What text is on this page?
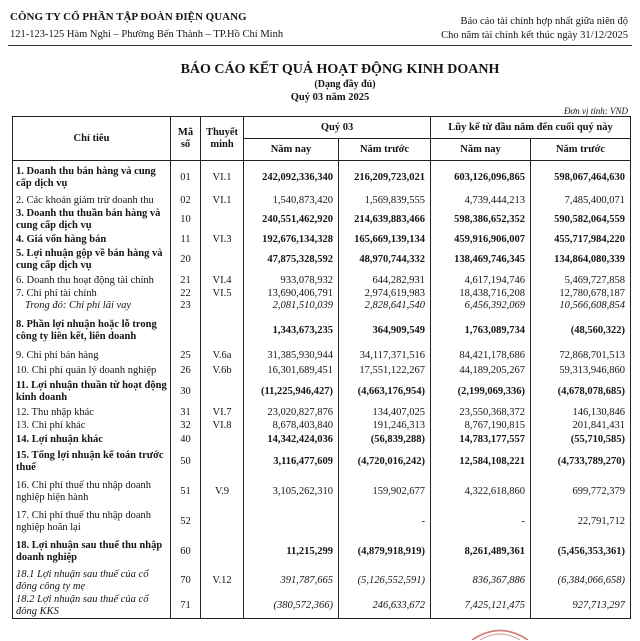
CÔNG TY CỔ PHẦN TẬP ĐOÀN ĐIỆN QUANG
121-123-125 Hàm Nghi – Phường Bến Thành – TP.Hồ Chí Minh
Báo cáo tài chính hợp nhất giữa niên độ
Cho năm tài chính kết thúc ngày 31/12/2025
BÁO CÁO KẾT QUẢ HOẠT ĐỘNG KINH DOANH
(Dạng đầy đủ)
Quý 03 năm 2025
Đơn vị tính: VND
Chỉ tiêu	Mã số	Thuyết minh	Quý 03		Lũy kế từ đầu năm đến cuối quý này	
			Năm nay	Năm trước	Năm nay	Năm trước
1. Doanh thu bán hàng và cung cấp dịch vụ	01	VI.1	242,092,336,340	216,209,723,021	603,126,096,865	598,067,464,630
2. Các khoản giảm trừ doanh thu	02	VI.1	1,540,873,420	1,569,839,555	4,739,444,213	7,485,400,071
3. Doanh thu thuần bán hàng và cung cấp dịch vụ	10		240,551,462,920	214,639,883,466	598,386,652,352	590,582,064,559
4. Giá vốn hàng bán	11	VI.3	192,676,134,328	165,669,139,134	459,916,906,007	455,717,984,220
5. Lợi nhuận gộp về bán hàng và cung cấp dịch vụ	20		47,875,328,592	48,970,744,332	138,469,746,345	134,864,080,339
6. Doanh thu hoạt động tài chính	21	VI.4	933,078,932	644,282,931	4,617,194,746	5,469,727,858
7. Chi phí tài chính	22	VI.5	13,690,406,791	2,974,619,983	18,438,716,208	12,780,678,187
Trong đó: Chi phí lãi vay	23		2,081,510,039	2,828,641,540	6,456,392,069	10,566,608,854
8. Phần lợi nhuận hoặc lỗ trong công ty liên kết, liên doanh			1,343,673,235	364,909,549	1,763,089,734	(48,560,322)
9. Chi phí bán hàng	25	V.6a	31,385,930,944	34,117,371,516	84,421,178,686	72,868,701,513
10. Chi phí quản lý doanh nghiệp	26	V.6b	16,301,689,451	17,551,122,267	44,189,205,267	59,313,946,860
11. Lợi nhuận thuần từ hoạt động kinh doanh	30		(11,225,946,427)	(4,663,176,954)	(2,199,069,336)	(4,678,078,685)
12. Thu nhập khác	31	VI.7	23,020,827,876	134,407,025	23,550,368,372	146,130,846
13. Chi phí khác	32	VI.8	8,678,403,840	191,246,313	8,767,190,815	201,841,431
14. Lợi nhuận khác	40		14,342,424,036	(56,839,288)	14,783,177,557	(55,710,585)
15. Tổng lợi nhuận kế toán trước thuế	50		3,116,477,609	(4,720,016,242)	12,584,108,221	(4,733,789,270)
16. Chi phí thuế thu nhập doanh nghiệp hiện hành	51	V.9	3,105,262,310	159,902,677	4,322,618,860	699,772,379
17. Chi phí thuế thu nhập doanh nghiệp hoãn lại	52			-	-	22,791,712
18. Lợi nhuận sau thuế thu nhập doanh nghiệp	60		11,215,299	(4,879,918,919)	8,261,489,361	(5,456,353,361)
18.1 Lợi nhuận sau thuế của cổ đông công ty mẹ	70	V.12	391,787,665	(5,126,552,591)	836,367,886	(6,384,066,658)
18.2 Lợi nhuận sau thuế của cổ đông KKS	71		(380,572,366)	246,633,672	7,425,121,475	927,713,297
